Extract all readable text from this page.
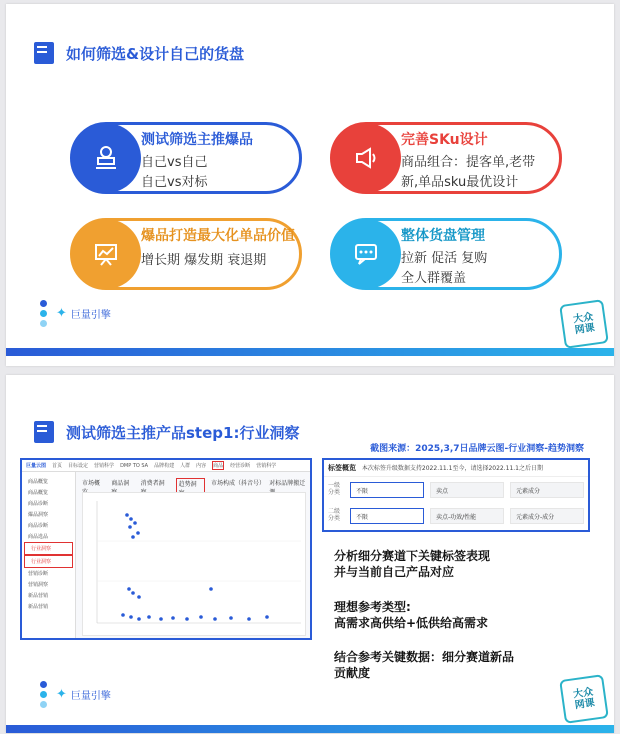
如何筛选&设计自己的货盘
测试筛选主推爆品
自己vs自己
自己vs对标
完善SKu设计
商品组合：提客单,老带
新,单品sku最优设计
爆品打造最大化单品价值
增长期 爆发期 衰退期
整体货盘管理
拉新 促活 复购
全人群覆盖
✦ 巨量引擎	大众
网课
测试筛选主推产品step1:行业洞察
截图来源：2025,3,7日品牌云图-行业洞察-趋势洞察
巨量云图 首页 目标设定 营销科学 DMP TO SA 品牌构建 人群 内容 商品 经营诊断 营销科学
商品概览
商品概览
商品诊断
爆品洞察
商品诊断
商品选品
行业洞察
行业洞察
营销诊断
营销洞察
新品营销
新品营销
市场概	商品洞	消费者洞	趋势洞	市场构成（抖音号） 对标品牌搬迁
标签概览 本次标签升级数据支持2022.11.1至今，请选择2022.11.1之后日期
一级分类	不限	卖点	元素成分
二级分类	不限	卖点-功效/性能	元素成分-成分
分析细分赛道下关键标签表现
并与当前自己产品对应
理想参考类型:
高需求高供给+低供给高需求
结合参考关键数据：细分赛道新品
贡献度
✦ 巨量引擎	大众
网课
